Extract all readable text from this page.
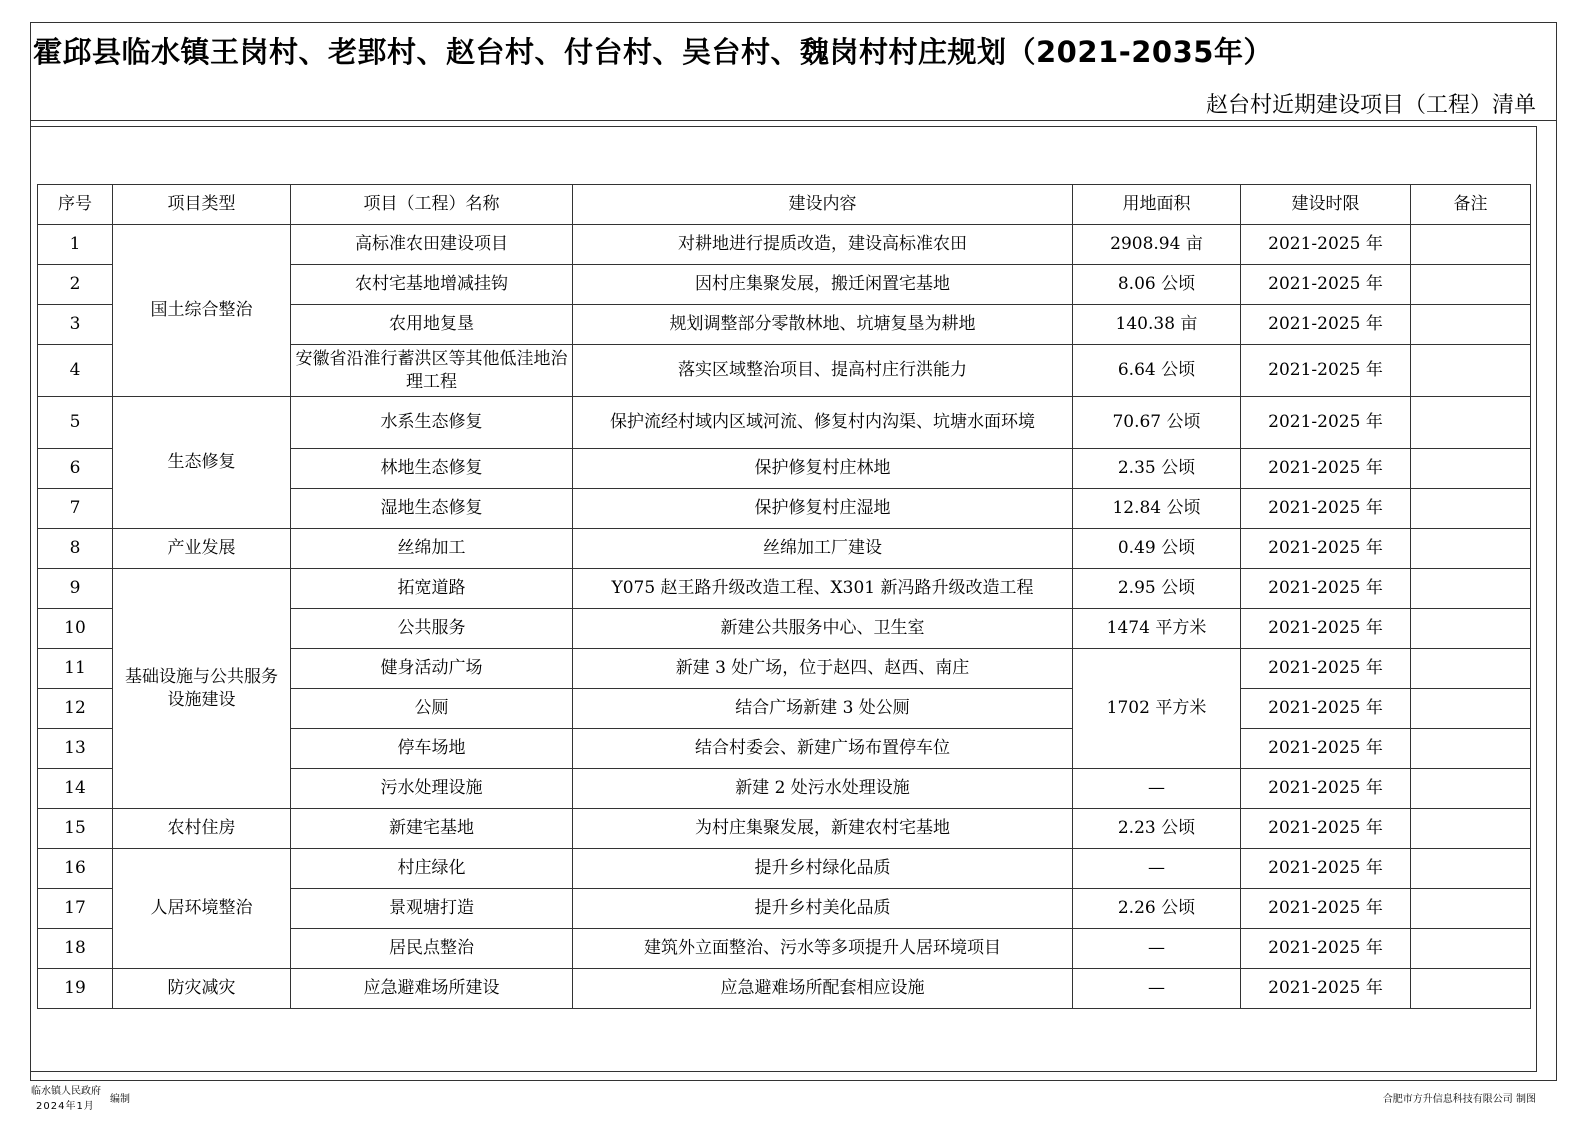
霍邱县临水镇王岗村、老郢村、赵台村、付台村、吴台村、魏岗村村庄规划（2021-2035年）
赵台村近期建设项目（工程）清单
序号	项目类型	项目（工程）名称	建设内容	用地面积	建设时限	备注
1	国土综合整治	高标准农田建设项目	对耕地进行提质改造，建设高标准农田	2908.94 亩	2021-2025 年	
2		农村宅基地增减挂钩	因村庄集聚发展，搬迁闲置宅基地	8.06 公顷	2021-2025 年	
3		农用地复垦	规划调整部分零散林地、坑塘复垦为耕地	140.38 亩	2021-2025 年	
4		安徽省沿淮行蓄洪区等其他低洼地治理工程	落实区域整治项目、提高村庄行洪能力	6.64 公顷	2021-2025 年	
5	生态修复	水系生态修复	保护流经村域内区域河流、修复村内沟渠、坑塘水面环境	70.67 公顷	2021-2025 年	
6		林地生态修复	保护修复村庄林地	2.35 公顷	2021-2025 年	
7		湿地生态修复	保护修复村庄湿地	12.84 公顷	2021-2025 年	
8	产业发展	丝绵加工	丝绵加工厂建设	0.49 公顷	2021-2025 年	
9	基础设施与公共服务设施建设	拓宽道路	Y075 赵王路升级改造工程、X301 新冯路升级改造工程	2.95 公顷	2021-2025 年	
10		公共服务	新建公共服务中心、卫生室	1474 平方米	2021-2025 年	
11		健身活动广场	新建 3 处广场，位于赵四、赵西、南庄	1702 平方米	2021-2025 年	
12		公厕	结合广场新建 3 处公厕		2021-2025 年	
13		停车场地	结合村委会、新建广场布置停车位		2021-2025 年	
14		污水处理设施	新建 2 处污水处理设施	—	2021-2025 年	
15	农村住房	新建宅基地	为村庄集聚发展，新建农村宅基地	2.23 公顷	2021-2025 年	
16	人居环境整治	村庄绿化	提升乡村绿化品质	—	2021-2025 年	
17		景观塘打造	提升乡村美化品质	2.26 公顷	2021-2025 年	
18		居民点整治	建筑外立面整治、污水等多项提升人居环境项目	—	2021-2025 年	
19	防灾减灾	应急避难场所建设	应急避难场所配套相应设施	—	2021-2025 年	
临水镇人民政府
2024年1月
编制	合肥市方升信息科技有限公司 制图
